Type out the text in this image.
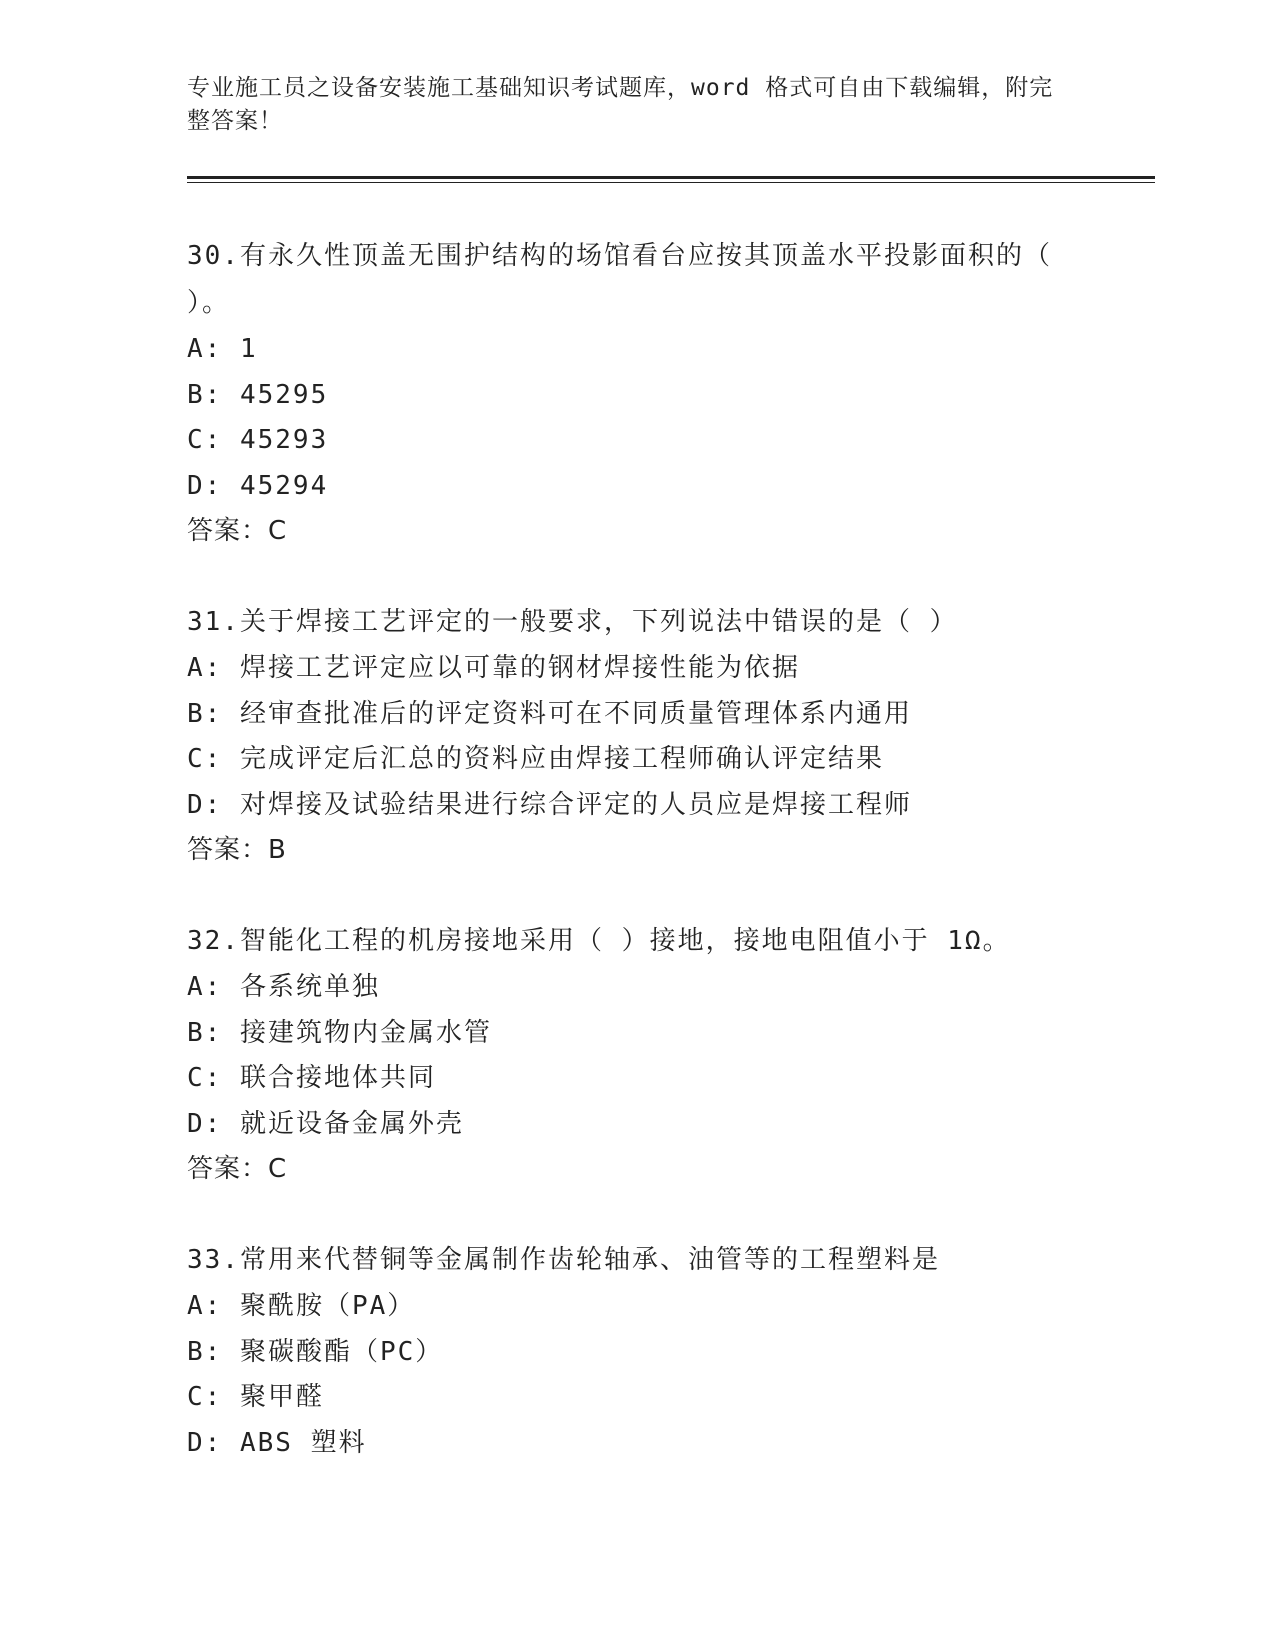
专业施工员之设备安装施工基础知识考试题库，word 格式可自由下载编辑，附完
整答案！

30.有永久性顶盖无围护结构的场馆看台应按其顶盖水平投影面积的（
）。

A: 1

B: 45295

C: 45293

D: 45294

答案：C

31.关于焊接工艺评定的一般要求，下列说法中错误的是（ ）

A: 焊接工艺评定应以可靠的钢材焊接性能为依据

B: 经审查批准后的评定资料可在不同质量管理体系内通用

C: 完成评定后汇总的资料应由焊接工程师确认评定结果

D: 对焊接及试验结果进行综合评定的人员应是焊接工程师

答案：B

32.智能化工程的机房接地采用（ ）接地，接地电阻值小于 1Ω。

A: 各系统单独

B: 接建筑物内金属水管

C: 联合接地体共同

D: 就近设备金属外壳

答案：C

33.常用来代替铜等金属制作齿轮轴承、油管等的工程塑料是

A: 聚酰胺（PA）

B: 聚碳酸酯（PC）

C: 聚甲醛

D: ABS 塑料
